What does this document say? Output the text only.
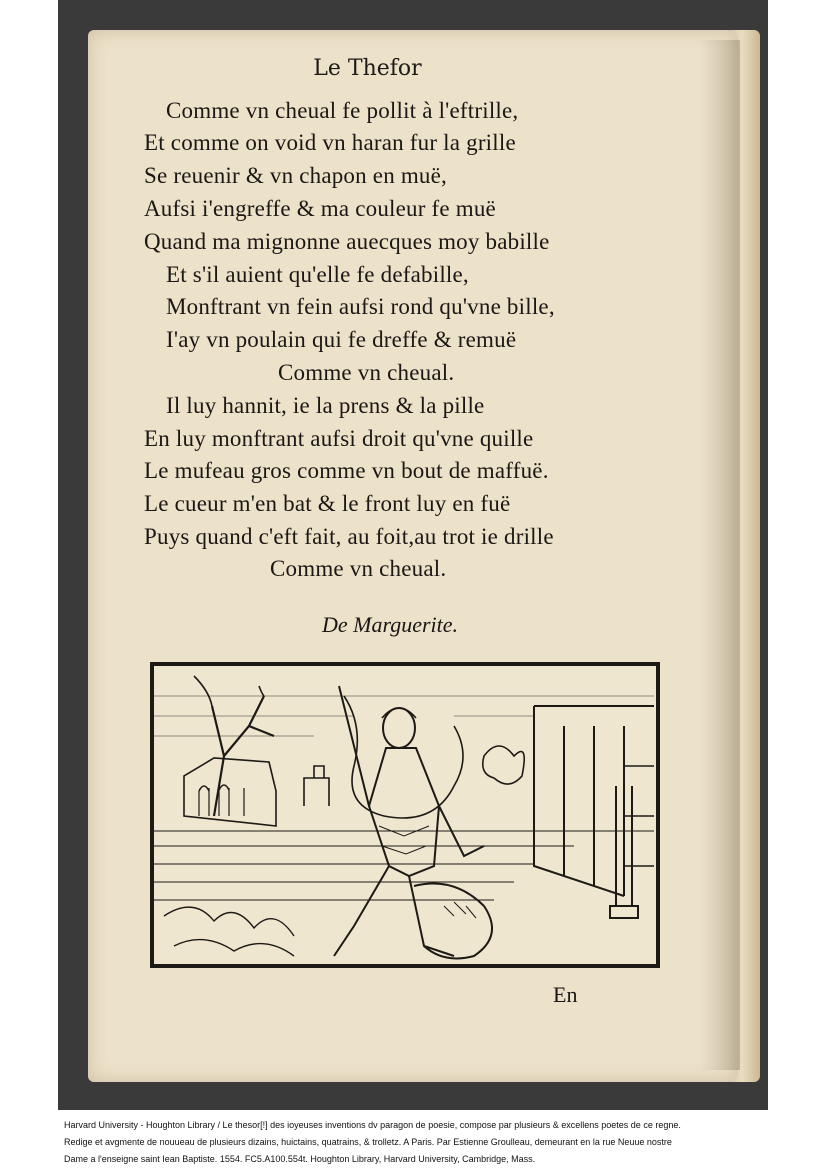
Le Thefor
Comme vn cheual fe pollit à l'eftrille,
Et comme on void vn haran fur la grille
Se reuenir & vn chapon en muë,
Aufsi i'engreffe & ma couleur fe muë
Quand ma mignonne auecques moy babille
Et s'il auient qu'elle fe defabille,
Monftrant vn fein aufsi rond qu'vne bille,
I'ay vn poulain qui fe dreffe & remuë
Comme vn cheual.
Il luy hannit, ie la prens & la pille
En luy monftrant aufsi droit qu'vne quille
Le mufeau gros comme vn bout de maffuë.
Le cueur m'en bat & le front luy en fuë
Puys quand c'eft fait, au foit,au trot ie drille
Comme vn cheual.
De Marguerite.
En
Harvard University - Houghton Library / Le thesor[!] des ioyeuses inventions dv paragon de poesie, compose par plusieurs & excellens poetes de ce regne.
Redige et avgmente de nouueau de plusieurs dizains, huictains, quatrains, & trolletz. A Paris. Par Estienne Groulleau, demeurant en la rue Neuue nostre
Dame a l'enseigne saint Iean Baptiste. 1554. FC5.A100.554t. Houghton Library, Harvard University, Cambridge, Mass.
